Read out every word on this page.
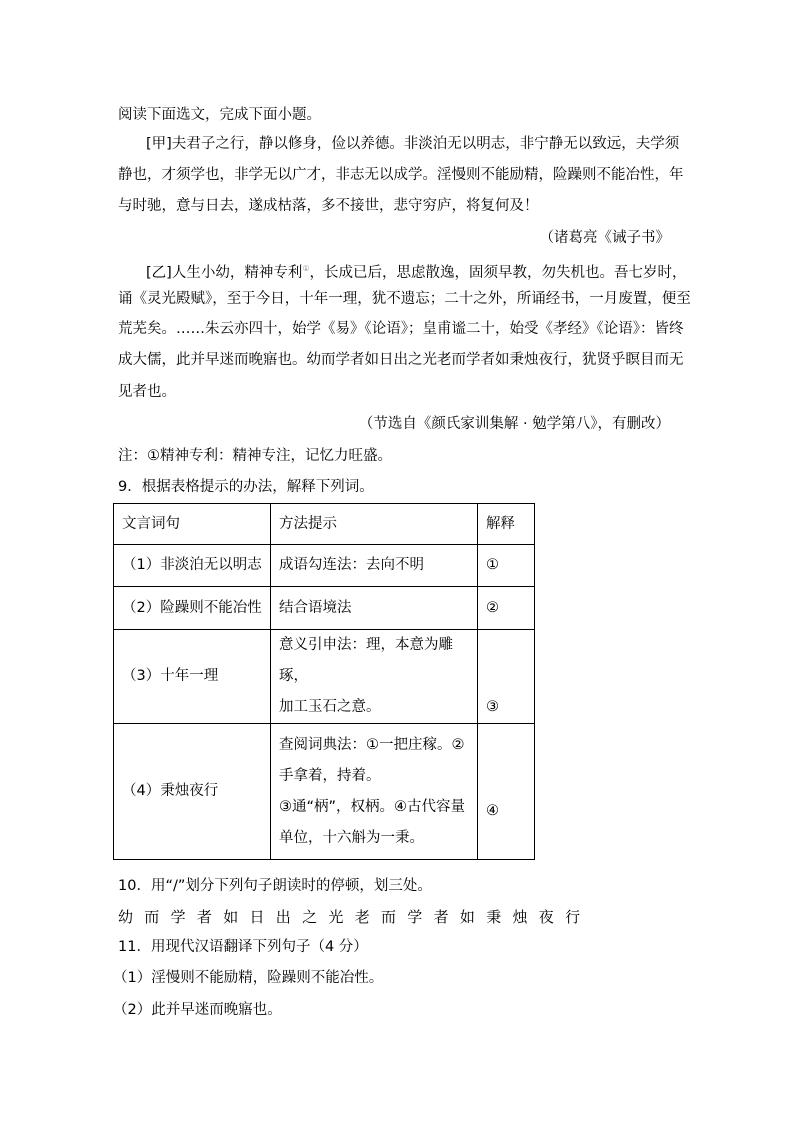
阅读下面选文，完成下面小题。
[甲]夫君子之行，静以修身，俭以养德。非淡泊无以明志，非宁静无以致远，夫学须
静也，才须学也，非学无以广才，非志无以成学。淫慢则不能励精，险躁则不能冶性，年
与时驰，意与日去，遂成枯落，多不接世，悲守穷庐，将复何及！
（诸葛亮《诫子书》
[乙]人生小幼，精神专利①，长成已后，思虑散逸，固须早教，勿失机也。吾七岁时，
诵《灵光殿赋》，至于今日，十年一理，犹不遗忘；二十之外，所诵经书，一月废置，便至
荒芜矣。……朱云亦四十，始学《易》《论语》；皇甫谧二十，始受《孝经》《论语》：皆终
成大儒，此并早迷而晚寤也。幼而学者如日出之光老而学者如秉烛夜行，犹贤乎瞑目而无
见者也。
（节选自《颜氏家训集解 · 勉学第八》，有删改）
注：①精神专利：精神专注，记忆力旺盛。
9．根据表格提示的办法，解释下列词。
文言词句	方法提示	解释
（1）非淡泊无以明志	成语勾连法：去向不明	①
（2）险躁则不能冶性	结合语境法	②
（3）十年一理	意义引申法：理，本意为雕琢，
加工玉石之意。	③
（4）秉烛夜行	查阅词典法：①一把庄稼。②
手拿着，持着。
③通“柄”，权柄。④古代容量
单位，十六斛为一秉。	④
10．用“/”划分下列句子朗读时的停顿，划三处。
幼而学者如日出之光老而学者如秉烛夜行
11．用现代汉语翻译下列句子（4 分）
（1）淫慢则不能励精，险躁则不能冶性。
（2）此并早迷而晚寤也。
